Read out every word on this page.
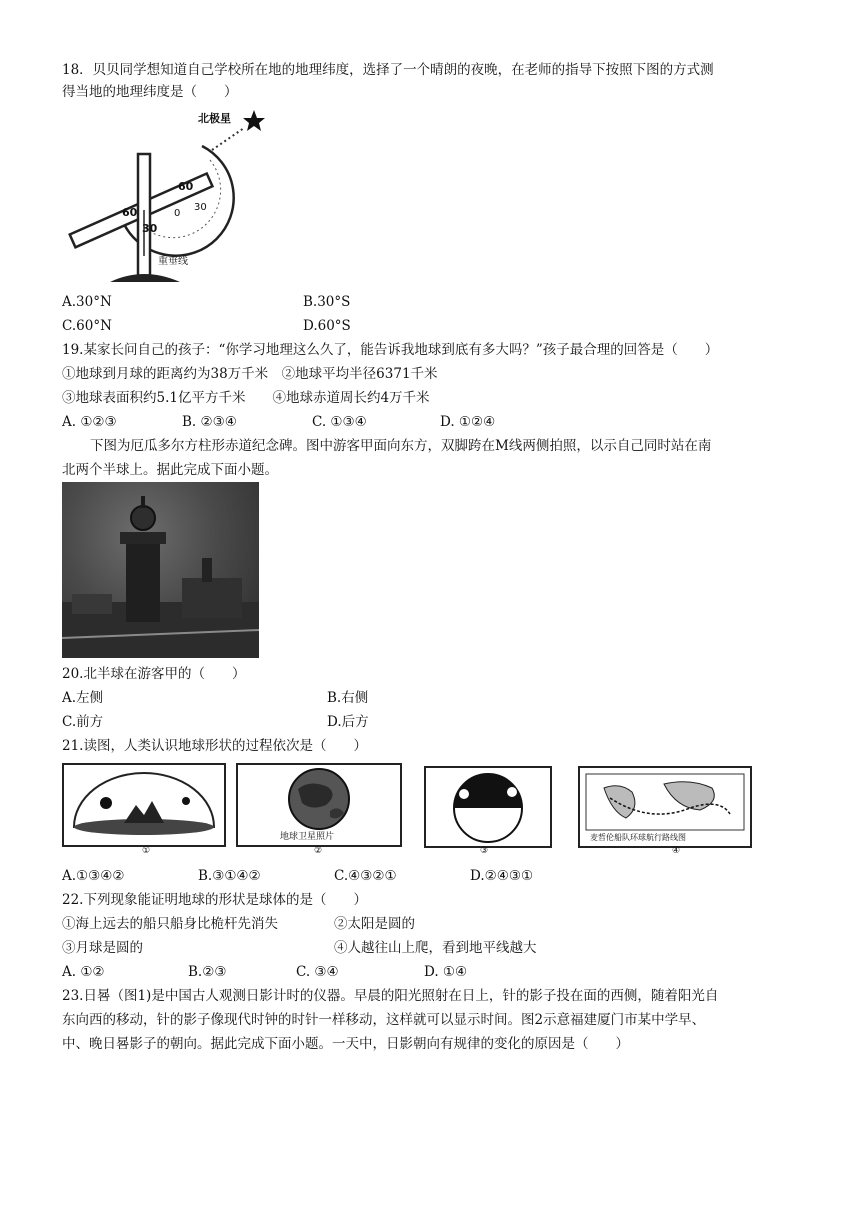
18．贝贝同学想知道自己学校所在地的地理纬度，选择了一个晴朗的夜晚，在老师的指导下按照下图的方式测
得当地的地理纬度是（　　）
北极星
重垂线
60
30
0
30
60
A.30°N	B.30°S
C.60°N	D.60°S
19.某家长问自己的孩子：“你学习地理这么久了，能告诉我地球到底有多大吗？”孩子最合理的回答是（　　）
①地球到月球的距离约为38万千米　②地球平均半径6371千米
③地球表面积约5.1亿平方千米　　④地球赤道周长约4万千米
A. ①②③	B. ②③④	C. ①③④	D. ①②④
下图为厄瓜多尔方柱形赤道纪念碑。图中游客甲面向东方，双脚跨在M线两侧拍照，以示自己同时站在南
北两个半球上。据此完成下面小题。
20.北半球在游客甲的（　　）
A.左侧	B.右侧
C.前方	D.后方
21.读图，人类认识地球形状的过程依次是（　　）
①
地球卫星照片
②	③
麦哲伦船队环球航行路线图
④
A.①③④②	B.③①④②	C.④③②①	D.②④③①
22.下列现象能证明地球的形状是球体的是（　　）
①海上远去的船只船身比桅杆先消失	②太阳是圆的
③月球是圆的	④人越往山上爬，看到地平线越大
A. ①②	B.②③	C. ③④	D. ①④
23.日晷（图1)是中国古人观测日影计时的仪器。早晨的阳光照射在日上，针的影子投在面的西侧，随着阳光自
东向西的移动，针的影子像现代时钟的时针一样移动，这样就可以显示时间。图2示意福建厦门市某中学早、
中、晚日晷影子的朝向。据此完成下面小题。一天中，日影朝向有规律的变化的原因是（　　）
